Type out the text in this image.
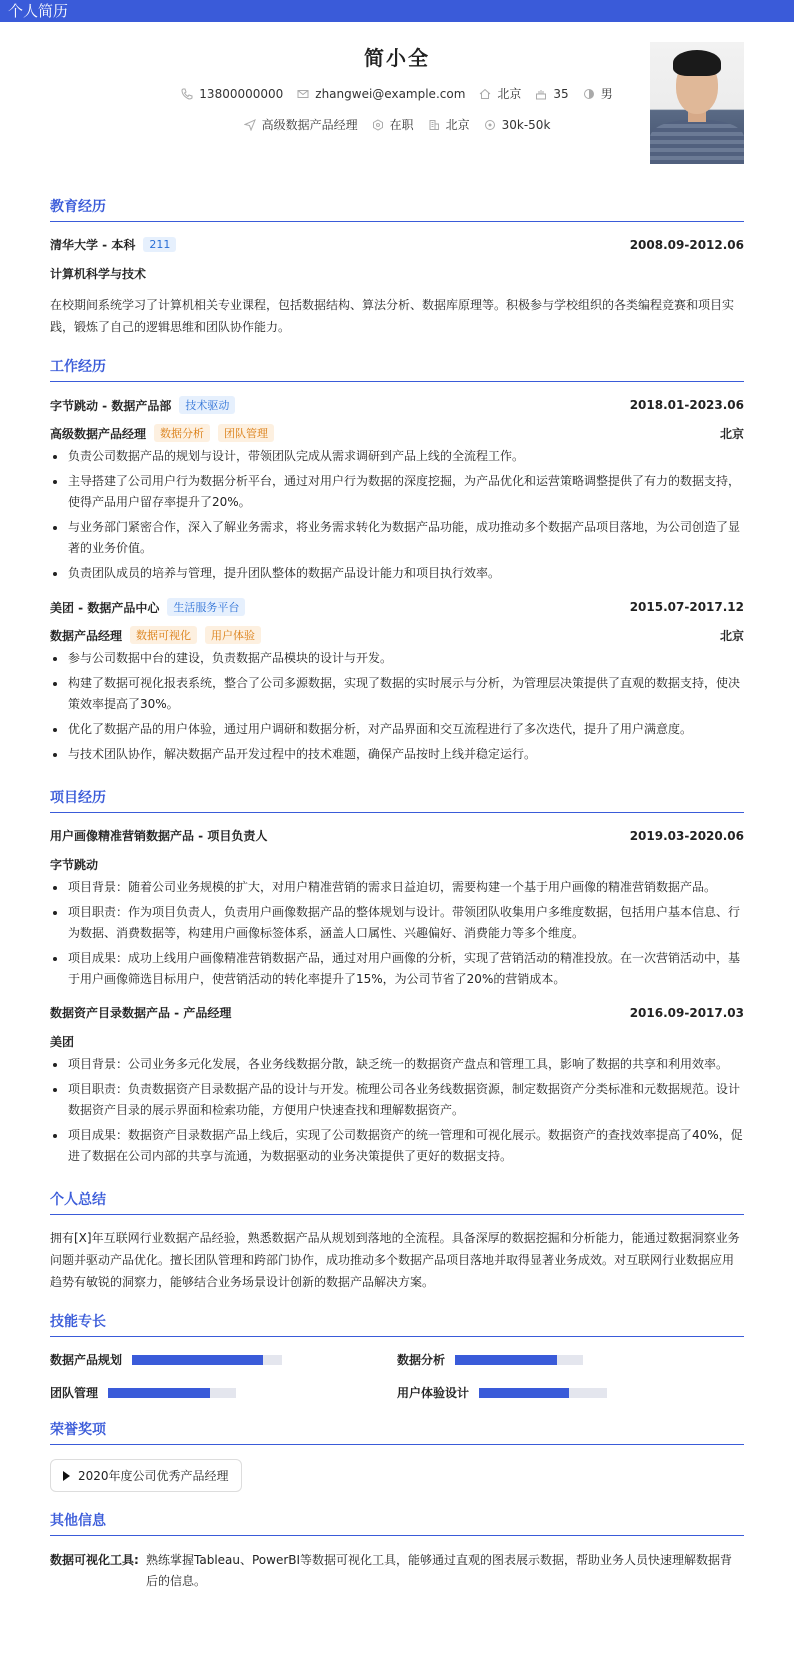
个人简历
简小全
13800000000	zhangwei@example.com	北京	35	男
高级数据产品经理	在职	北京	30k-50k
教育经历
清华大学 - 本科	211	2008.09-2012.06
计算机科学与技术
在校期间系统学习了计算机相关专业课程，包括数据结构、算法分析、数据库原理等。积极参与学校组织的各类编程竞赛和项目实践，锻炼了自己的逻辑思维和团队协作能力。
工作经历
字节跳动 - 数据产品部	技术驱动	2018.01-2023.06
高级数据产品经理	数据分析	团队管理	北京
负责公司数据产品的规划与设计，带领团队完成从需求调研到产品上线的全流程工作。
主导搭建了公司用户行为数据分析平台，通过对用户行为数据的深度挖掘，为产品优化和运营策略调整提供了有力的数据支持，使得产品用户留存率提升了20%。
与业务部门紧密合作，深入了解业务需求，将业务需求转化为数据产品功能，成功推动多个数据产品项目落地，为公司创造了显著的业务价值。
负责团队成员的培养与管理，提升团队整体的数据产品设计能力和项目执行效率。
美团 - 数据产品中心	生活服务平台	2015.07-2017.12
数据产品经理	数据可视化	用户体验	北京
参与公司数据中台的建设，负责数据产品模块的设计与开发。
构建了数据可视化报表系统，整合了公司多源数据，实现了数据的实时展示与分析，为管理层决策提供了直观的数据支持，使决策效率提高了30%。
优化了数据产品的用户体验，通过用户调研和数据分析，对产品界面和交互流程进行了多次迭代，提升了用户满意度。
与技术团队协作，解决数据产品开发过程中的技术难题，确保产品按时上线并稳定运行。
项目经历
用户画像精准营销数据产品 - 项目负责人	2019.03-2020.06
字节跳动
项目背景：随着公司业务规模的扩大，对用户精准营销的需求日益迫切，需要构建一个基于用户画像的精准营销数据产品。
项目职责：作为项目负责人，负责用户画像数据产品的整体规划与设计。带领团队收集用户多维度数据，包括用户基本信息、行为数据、消费数据等，构建用户画像标签体系，涵盖人口属性、兴趣偏好、消费能力等多个维度。
项目成果：成功上线用户画像精准营销数据产品，通过对用户画像的分析，实现了营销活动的精准投放。在一次营销活动中，基于用户画像筛选目标用户，使营销活动的转化率提升了15%，为公司节省了20%的营销成本。
数据资产目录数据产品 - 产品经理	2016.09-2017.03
美团
项目背景：公司业务多元化发展，各业务线数据分散，缺乏统一的数据资产盘点和管理工具，影响了数据的共享和利用效率。
项目职责：负责数据资产目录数据产品的设计与开发。梳理公司各业务线数据资源，制定数据资产分类标准和元数据规范。设计数据资产目录的展示界面和检索功能，方便用户快速查找和理解数据资产。
项目成果：数据资产目录数据产品上线后，实现了公司数据资产的统一管理和可视化展示。数据资产的查找效率提高了40%，促进了数据在公司内部的共享与流通，为数据驱动的业务决策提供了更好的数据支持。
个人总结
拥有[X]年互联网行业数据产品经验，熟悉数据产品从规划到落地的全流程。具备深厚的数据挖掘和分析能力，能通过数据洞察业务问题并驱动产品优化。擅长团队管理和跨部门协作，成功推动多个数据产品项目落地并取得显著业务成效。对互联网行业数据应用趋势有敏锐的洞察力，能够结合业务场景设计创新的数据产品解决方案。
技能专长
数据产品规划	数据分析
团队管理	用户体验设计
荣誉奖项
2020年度公司优秀产品经理
其他信息
数据可视化工具: 熟练掌握Tableau、PowerBI等数据可视化工具，能够通过直观的图表展示数据，帮助业务人员快速理解数据背后的信息。
